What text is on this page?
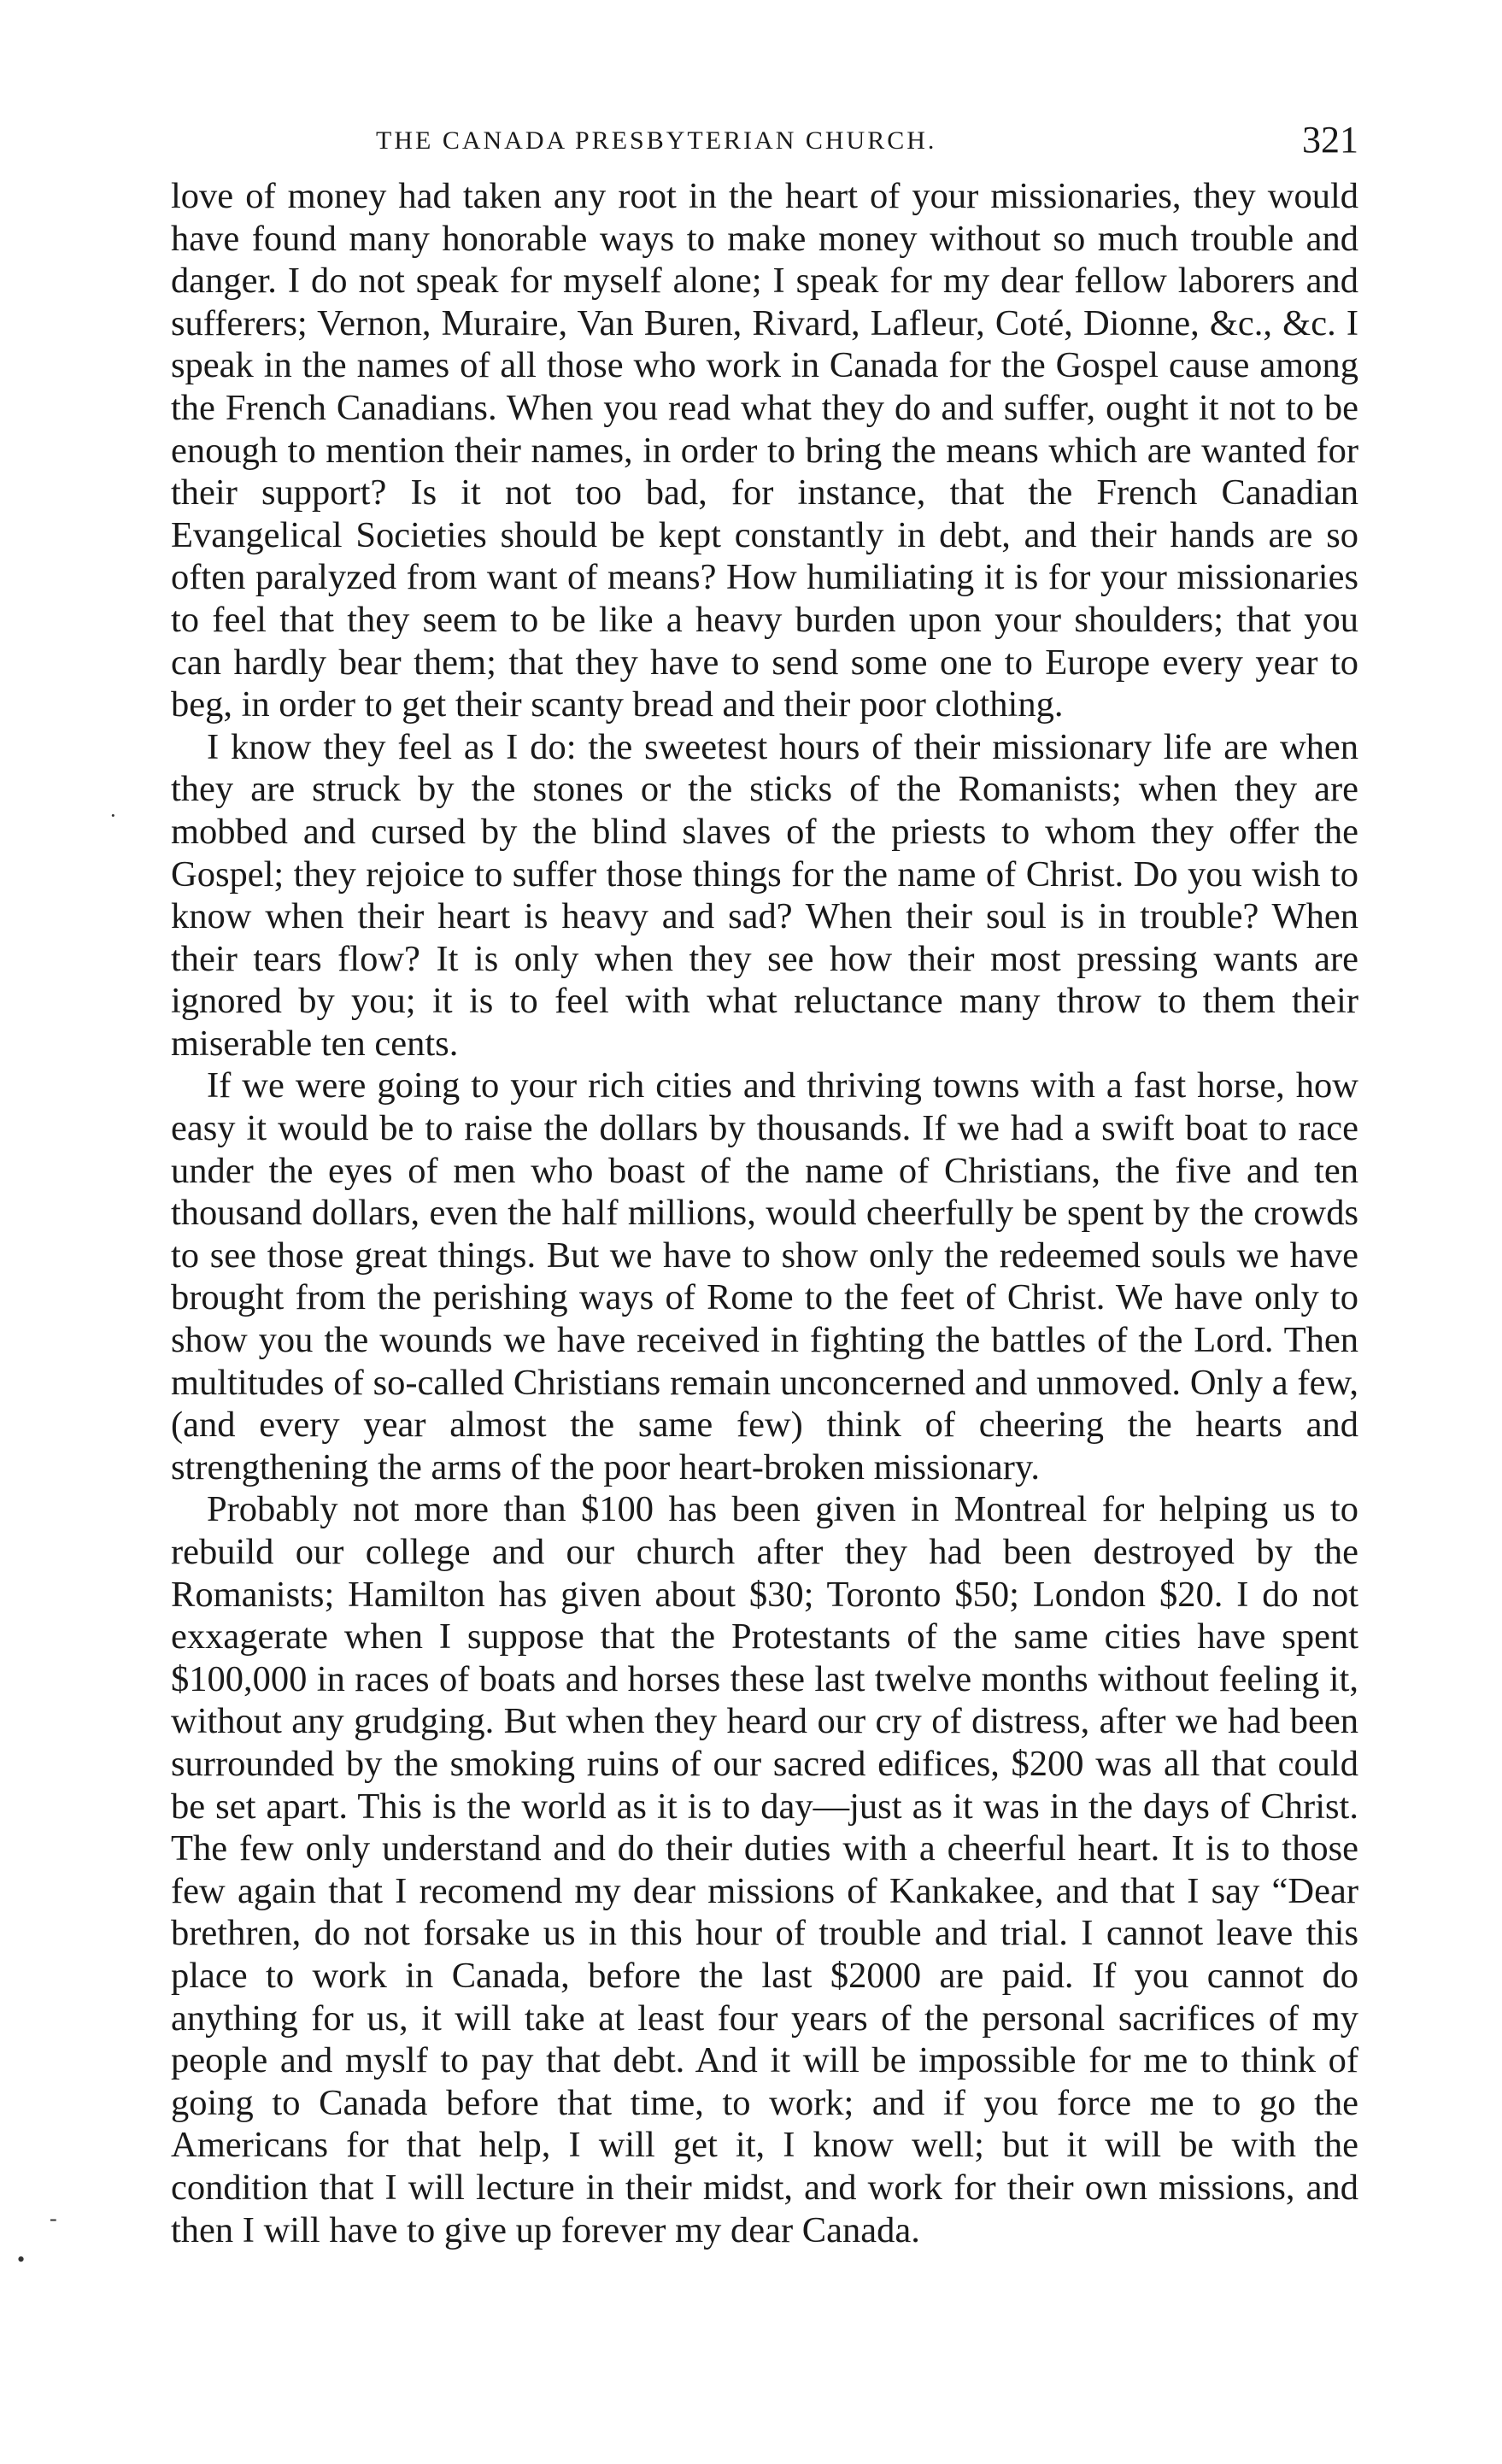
THE CANADA PRESBYTERIAN CHURCH.	321

love of money had taken any root in the heart of your missionaries, they would have found many honorable ways to make money without so much trouble and danger. I do not speak for myself alone; I speak for my dear fellow laborers and sufferers; Vernon, Muraire, Van Buren, Rivard, Lafleur, Coté, Dionne, &c., &c. I speak in the names of all those who work in Canada for the Gospel cause among the French Canadians. When you read what they do and suffer, ought it not to be enough to mention their names, in order to bring the means which are wanted for their support? Is it not too bad, for instance, that the French Canadian Evangelical Societies should be kept constantly in debt, and their hands are so often paralyzed from want of means? How humiliating it is for your missionaries to feel that they seem to be like a heavy burden upon your shoulders; that you can hardly bear them; that they have to send some one to Europe every year to beg, in order to get their scanty bread and their poor clothing.

I know they feel as I do: the sweetest hours of their missionary life are when they are struck by the stones or the sticks of the Romanists; when they are mobbed and cursed by the blind slaves of the priests to whom they offer the Gospel; they rejoice to suffer those things for the name of Christ. Do you wish to know when their heart is heavy and sad? When their soul is in trouble? When their tears flow? It is only when they see how their most pressing wants are ignored by you; it is to feel with what reluctance many throw to them their miserable ten cents.

If we were going to your rich cities and thriving towns with a fast horse, how easy it would be to raise the dollars by thousands. If we had a swift boat to race under the eyes of men who boast of the name of Christians, the five and ten thousand dollars, even the half millions, would cheerfully be spent by the crowds to see those great things. But we have to show only the redeemed souls we have brought from the perishing ways of Rome to the feet of Christ. We have only to show you the wounds we have received in fighting the battles of the Lord. Then multitudes of so-called Christians remain unconcerned and unmoved. Only a few, (and every year almost the same few) think of cheering the hearts and strengthening the arms of the poor heart-broken missionary.

Probably not more than $100 has been given in Montreal for helping us to rebuild our college and our church after they had been destroyed by the Romanists; Hamilton has given about $30; Toronto $50; London $20. I do not exxagerate when I suppose that the Protestants of the same cities have spent $100,000 in races of boats and horses these last twelve months without feeling it, without any grudging. But when they heard our cry of distress, after we had been surrounded by the smoking ruins of our sacred edifices, $200 was all that could be set apart. This is the world as it is to day—just as it was in the days of Christ. The few only understand and do their duties with a cheerful heart. It is to those few again that I recomend my dear missions of Kankakee, and that I say “Dear brethren, do not forsake us in this hour of trouble and trial. I cannot leave this place to work in Canada, before the last $2000 are paid. If you cannot do anything for us, it will take at least four years of the personal sacrifices of my people and myslf to pay that debt. And it will be impossible for me to think of going to Canada before that time, to work; and if you force me to go the Americans for that help, I will get it, I know well; but it will be with the condition that I will lecture in their midst, and work for their own missions, and then I will have to give up forever my dear Canada.

·
-
•
